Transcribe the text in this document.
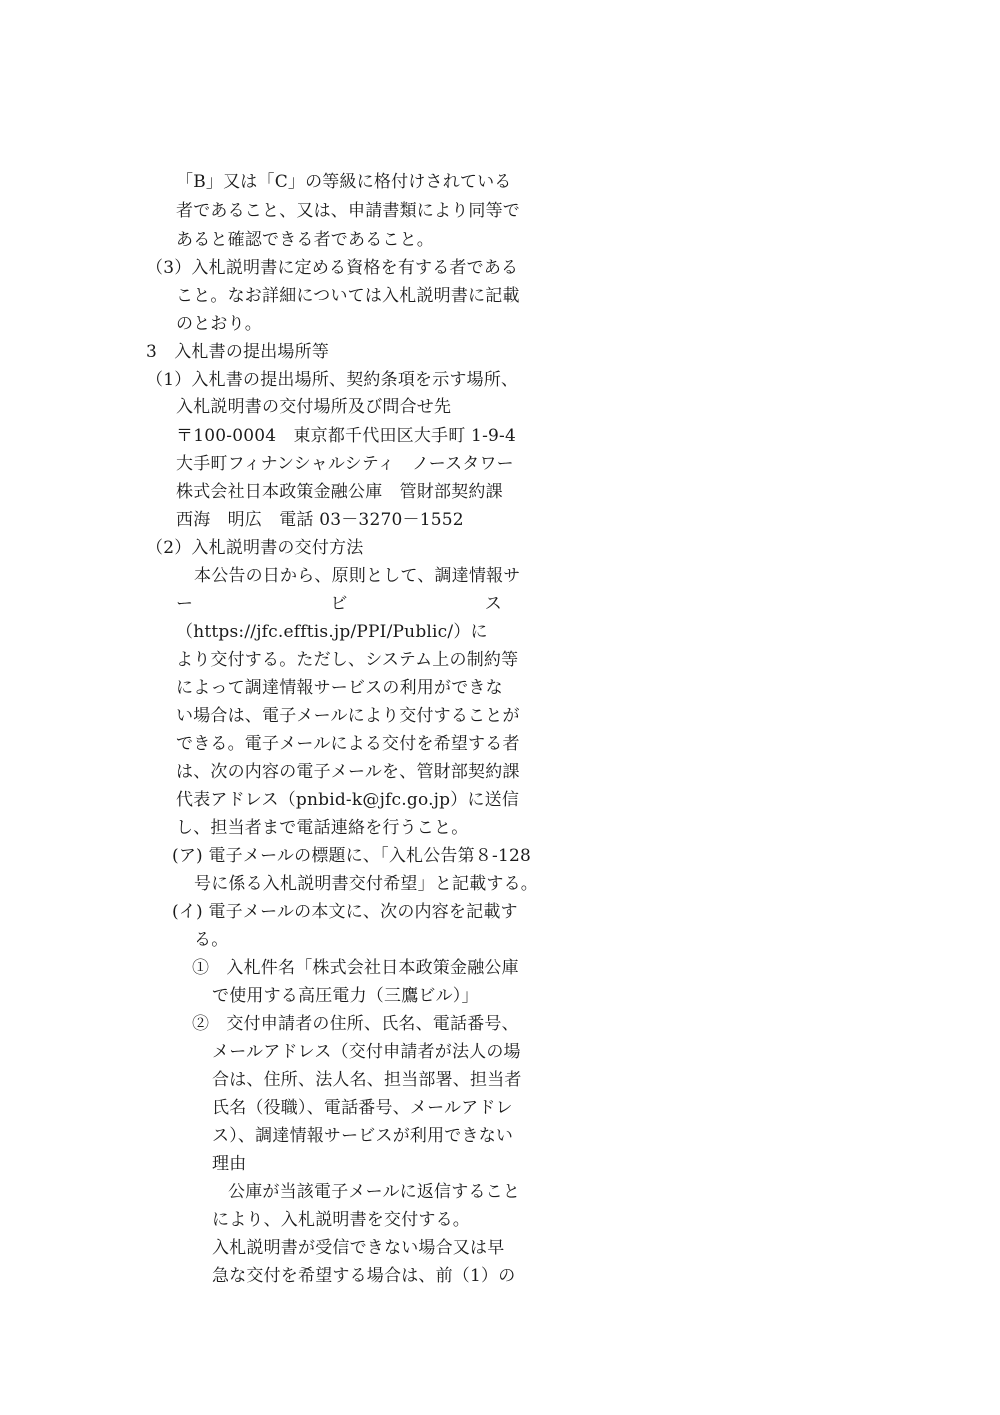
「B」又は「C」の等級に格付けされている
者であること、又は、申請書類により同等で
あると確認できる者であること。
（3）入札説明書に定める資格を有する者である
こと。なお詳細については入札説明書に記載
のとおり。
3　入札書の提出場所等
（1）入札書の提出場所、契約条項を示す場所、
入札説明書の交付場所及び問合せ先
〒100-0004　東京都千代田区大手町 1-9-4
大手町フィナンシャルシティ　ノースタワー
株式会社日本政策金融公庫　管財部契約課
西海　明広　電話 03－3270－1552
（2）入札説明書の交付方法
本公告の日から、原則として、調達情報サ
ー	ビ	ス
（https://jfc.efftis.jp/PPI/Public/）に
より交付する。ただし、システム上の制約等
によって調達情報サービスの利用ができな
い場合は、電子メールにより交付することが
できる。電子メールによる交付を希望する者
は、次の内容の電子メールを、管財部契約課
代表アドレス（pnbid-k@jfc.go.jp）に送信
し、担当者まで電話連絡を行うこと。
(ア) 電子メールの標題に、「入札公告第８-128
号に係る入札説明書交付希望」と記載する。
(イ) 電子メールの本文に、次の内容を記載す
る。
①　入札件名「株式会社日本政策金融公庫
で使用する高圧電力（三鷹ビル）」
②　交付申請者の住所、氏名、電話番号、
メールアドレス（交付申請者が法人の場
合は、住所、法人名、担当部署、担当者
氏名（役職）、電話番号、メールアドレ
ス）、調達情報サービスが利用できない
理由
公庫が当該電子メールに返信すること
により、入札説明書を交付する。
入札説明書が受信できない場合又は早
急な交付を希望する場合は、前（1）の
